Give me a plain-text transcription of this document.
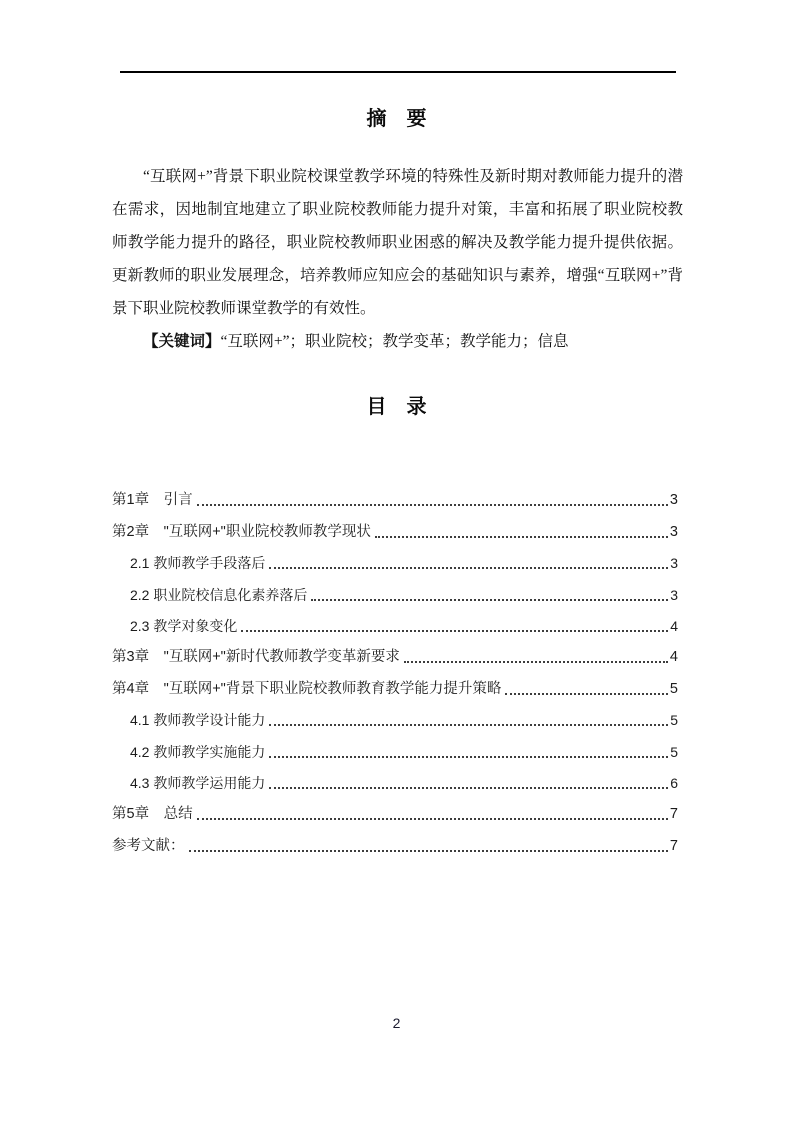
摘　要

“互联网+”背景下职业院校课堂教学环境的特殊性及新时期对教师能力提升的潜在需求，因地制宜地建立了职业院校教师能力提升对策，丰富和拓展了职业院校教师教学能力提升的路径，职业院校教师职业困惑的解决及教学能力提升提供依据。更新教师的职业发展理念，培养教师应知应会的基础知识与素养，增强“互联网+”背景下职业院校教师课堂教学的有效性。

【关键词】“互联网+”；职业院校；教学变革；教学能力；信息

目　录
第1章　引言	3
第2章　"互联网+"职业院校教师教学现状	3
2.1 教师教学手段落后	3
2.2 职业院校信息化素养落后	3
2.3 教学对象变化	4
第3章　"互联网+"新时代教师教学变革新要求	4
第4章　"互联网+"背景下职业院校教师教育教学能力提升策略	5
4.1 教师教学设计能力	5
4.2 教师教学实施能力	5
4.3 教师教学运用能力	6
第5章　总结	7
参考文献：	7
2
